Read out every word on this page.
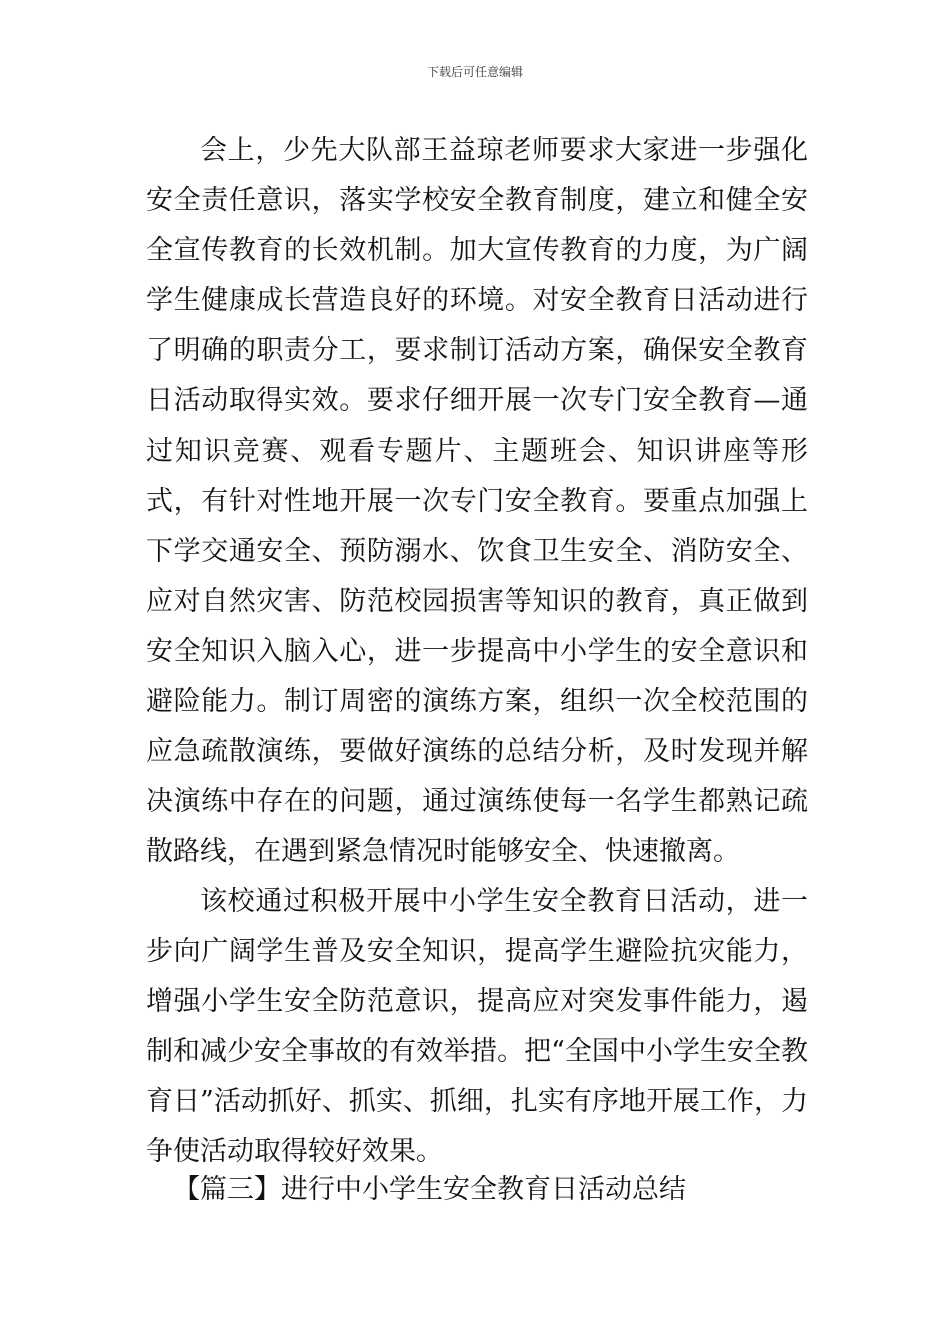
下载后可任意编辑

会上，少先大队部王益琼老师要求大家进一步强化安全责任意识，落实学校安全教育制度，建立和健全安全宣传教育的长效机制。加大宣传教育的力度，为广阔学生健康成长营造良好的环境。对安全教育日活动进行了明确的职责分工，要求制订活动方案，确保安全教育日活动取得实效。要求仔细开展一次专门安全教育—通过知识竞赛、观看专题片、主题班会、知识讲座等形式，有针对性地开展一次专门安全教育。要重点加强上下学交通安全、预防溺水、饮食卫生安全、消防安全、应对自然灾害、防范校园损害等知识的教育，真正做到安全知识入脑入心，进一步提高中小学生的安全意识和避险能力。制订周密的演练方案，组织一次全校范围的应急疏散演练，要做好演练的总结分析，及时发现并解决演练中存在的问题，通过演练使每一名学生都熟记疏散路线，在遇到紧急情况时能够安全、快速撤离。

该校通过积极开展中小学生安全教育日活动，进一步向广阔学生普及安全知识，提高学生避险抗灾能力，增强小学生安全防范意识，提高应对突发事件能力，遏制和减少安全事故的有效举措。把“全国中小学生安全教育日”活动抓好、抓实、抓细，扎实有序地开展工作，力争使活动取得较好效果。

【篇三】进行中小学生安全教育日活动总结
